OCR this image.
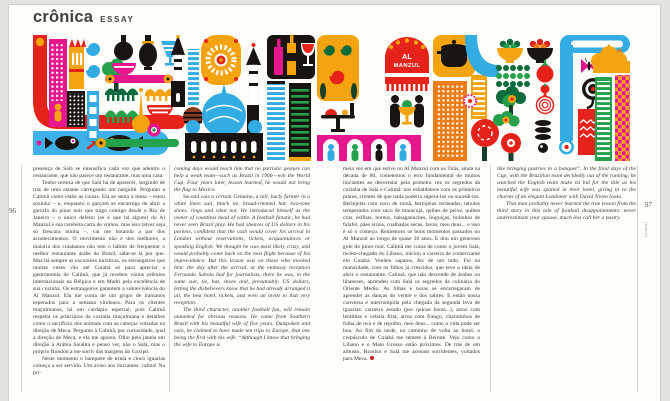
crônica ESSAY
AL
MANZUL

presença de Salá se intensifica cada vez que adentro o restaurante, que não parece um restaurante, mas uma casa.

Tenho certeza de que Salá há de aparecer, surgindo de trás de uma estante carregando um narguilé. Pergunto a Calimã como estão as coisas. Ela se senta à mesa – estou sozinho – e, enquanto o garçom se encarrega de abrir a garrafa do pinot noir que trago comigo desde o Rio de Janeiro – o único defeito (se é que há algum) do Al Manzul é sua rarefeita carta de vinhos, mas isso talvez seja só frescura minha –, vai me botando a par dos acontecimentos. O movimento não é dos melhores, a maioria dos cuiabanos não tem o hábito de frequentar o melhor restaurante árabe do Brasil, sabe-se lá por que. Mas há sempre as excursões turísticas, os estrangeiros que muitas vezes vão até Cuiabá só para apreciar a gastronomia de Calimã, que já recebeu vários prêmios internacionais na Bélgica e em Madri pela excelência de sua cozinha. Os estrangeiros garantem a sobrevivência do Al Manzul. Ela me conta de um grupo de iranianos esperados para a semana vindoura. Para os clientes muçulmanos, há um cardápio especial, pois Calimã respeita os princípios da cozinha muçulmana e detalhes como o sacrifício dos animais com as cabeças voltadas na direção de Meca. Pergunto à Calimã, por curiosidade, qual a direção de Meca, e ela me aponta. Olho pela janela em direção à Arábia Saudita e penso ver, não o Salá, mas o próprio Rondon a me sorrir das margens do Coxipó.

Neste momento o banquete de trinta e cinco iguarias começa a ser servido. Um aviso aos iniciantes: calma! Na pri-

coming days would teach him that no patriotic gesture can help a weak team—such as Brazil in 1966—win the World Cup. Four years later, lesson learned, he would not bring the flag to Mexico.

Second was a certain Genuíno, a tall, burly farmer in a white linen suit, black tie, broad-rimmed hat, two-tone shoes, rings and what not. He introduced himself as the owner of countless head of cattle. A football fanatic, he had never seen Brazil play. He had sheaves of US dollars in his pockets, confident that the cash would cover his arrival in London without reservations, tickets, acquaintances or speaking English. We thought he was most likely crazy, and would probably come back on the next flight because of his improvidence. But this lesson was on those who mocked him: the day after the arrival, at the embassy reception Fernando Saboia had for journalists, there he was, in the same suit, tie, hat, shoes and, presumably, US dollars, letting the disbelievers know that he had already arranged it all, the best hotel, tickets, and even an invite to that very reception.

The third character, another football fan, will remain unnamed for obvious reasons. He came from Southern Brazil with his beautiful wife of five years. Outspoken and vain, he claimed to have made ten trips to Europe, that one being the first with his wife. “Although I know that bringing the wife to Europe is

meia vez em que estive no Al Manzul com os Titãs, ainda na década de 80, cometemos o erro fundamental de muitos iniciantes ao desvendar pela primeira vez os segredos da cozinha de Salá e Calimã: nos esbaldamos com os primeiros pratos, crentes de que nada poderia superá-los ou sucedê-los. Berinjelas com suco de romã, berinjelas recheadas, tabules temperados com suco de maracujá, quibes de peixe, quibes crus, esfihas, homus, babaganuches, linguiças, bolinhos de falafel, pães sírios, coalhadas secas, favas, meu deus... e isso é só o começo. Rememoro os bons momentos passados no Al Manzul ao longo de quase 30 anos. E dou um generoso gole do pinot noir. Calimã me conta de como o jovem Salá, recém-chegado do Líbano, iniciou a carreira de comerciante em Cuiabá. Vendeu sapatos, fez de um tudo. Foi na maturidade, com os filhos já crescidos, que teve a ideia de abrir o restaurante. Calimã, que não descende de árabes ou libaneses, aprendeu com Salá os segredos da culinária do Oriente Médio. As filhas e noras se encarregaram de aprender as danças do ventre e dos sabres. E então nossa conversa é interrompida pela chegada da segunda leva de iguarias: carneiro assado (por quinze horas...), arroz com lentilhas e cebola frita, arroz com frango, charutinhos de folha de uva e de repolho, meu deus... como a vida pode ser boa. Ao fim da tarde, no caminho de volta ao hotel, o crepúsculo de Cuiabá me remete à Beirute. Vejo como o Líbano e o Mato Grosso estão próximos. De trás de um arbusto, Rondon e Salá me acenam sorridentes, voltados para Meca.

like bringing pastries to a banquet”. In the final days of the Cup, with the Brazilian team decidedly out of the running, he watched the English team make its bid for the title as his beautiful wife was spotted in their hotel, giving in to the charms of an elegant Londoner with David Niven looks.

That man probably never learned the true lesson from the third story in this tale of football disappointments: never underestimate your spouse, much less call her a pastry.

96
97
(oásis)
